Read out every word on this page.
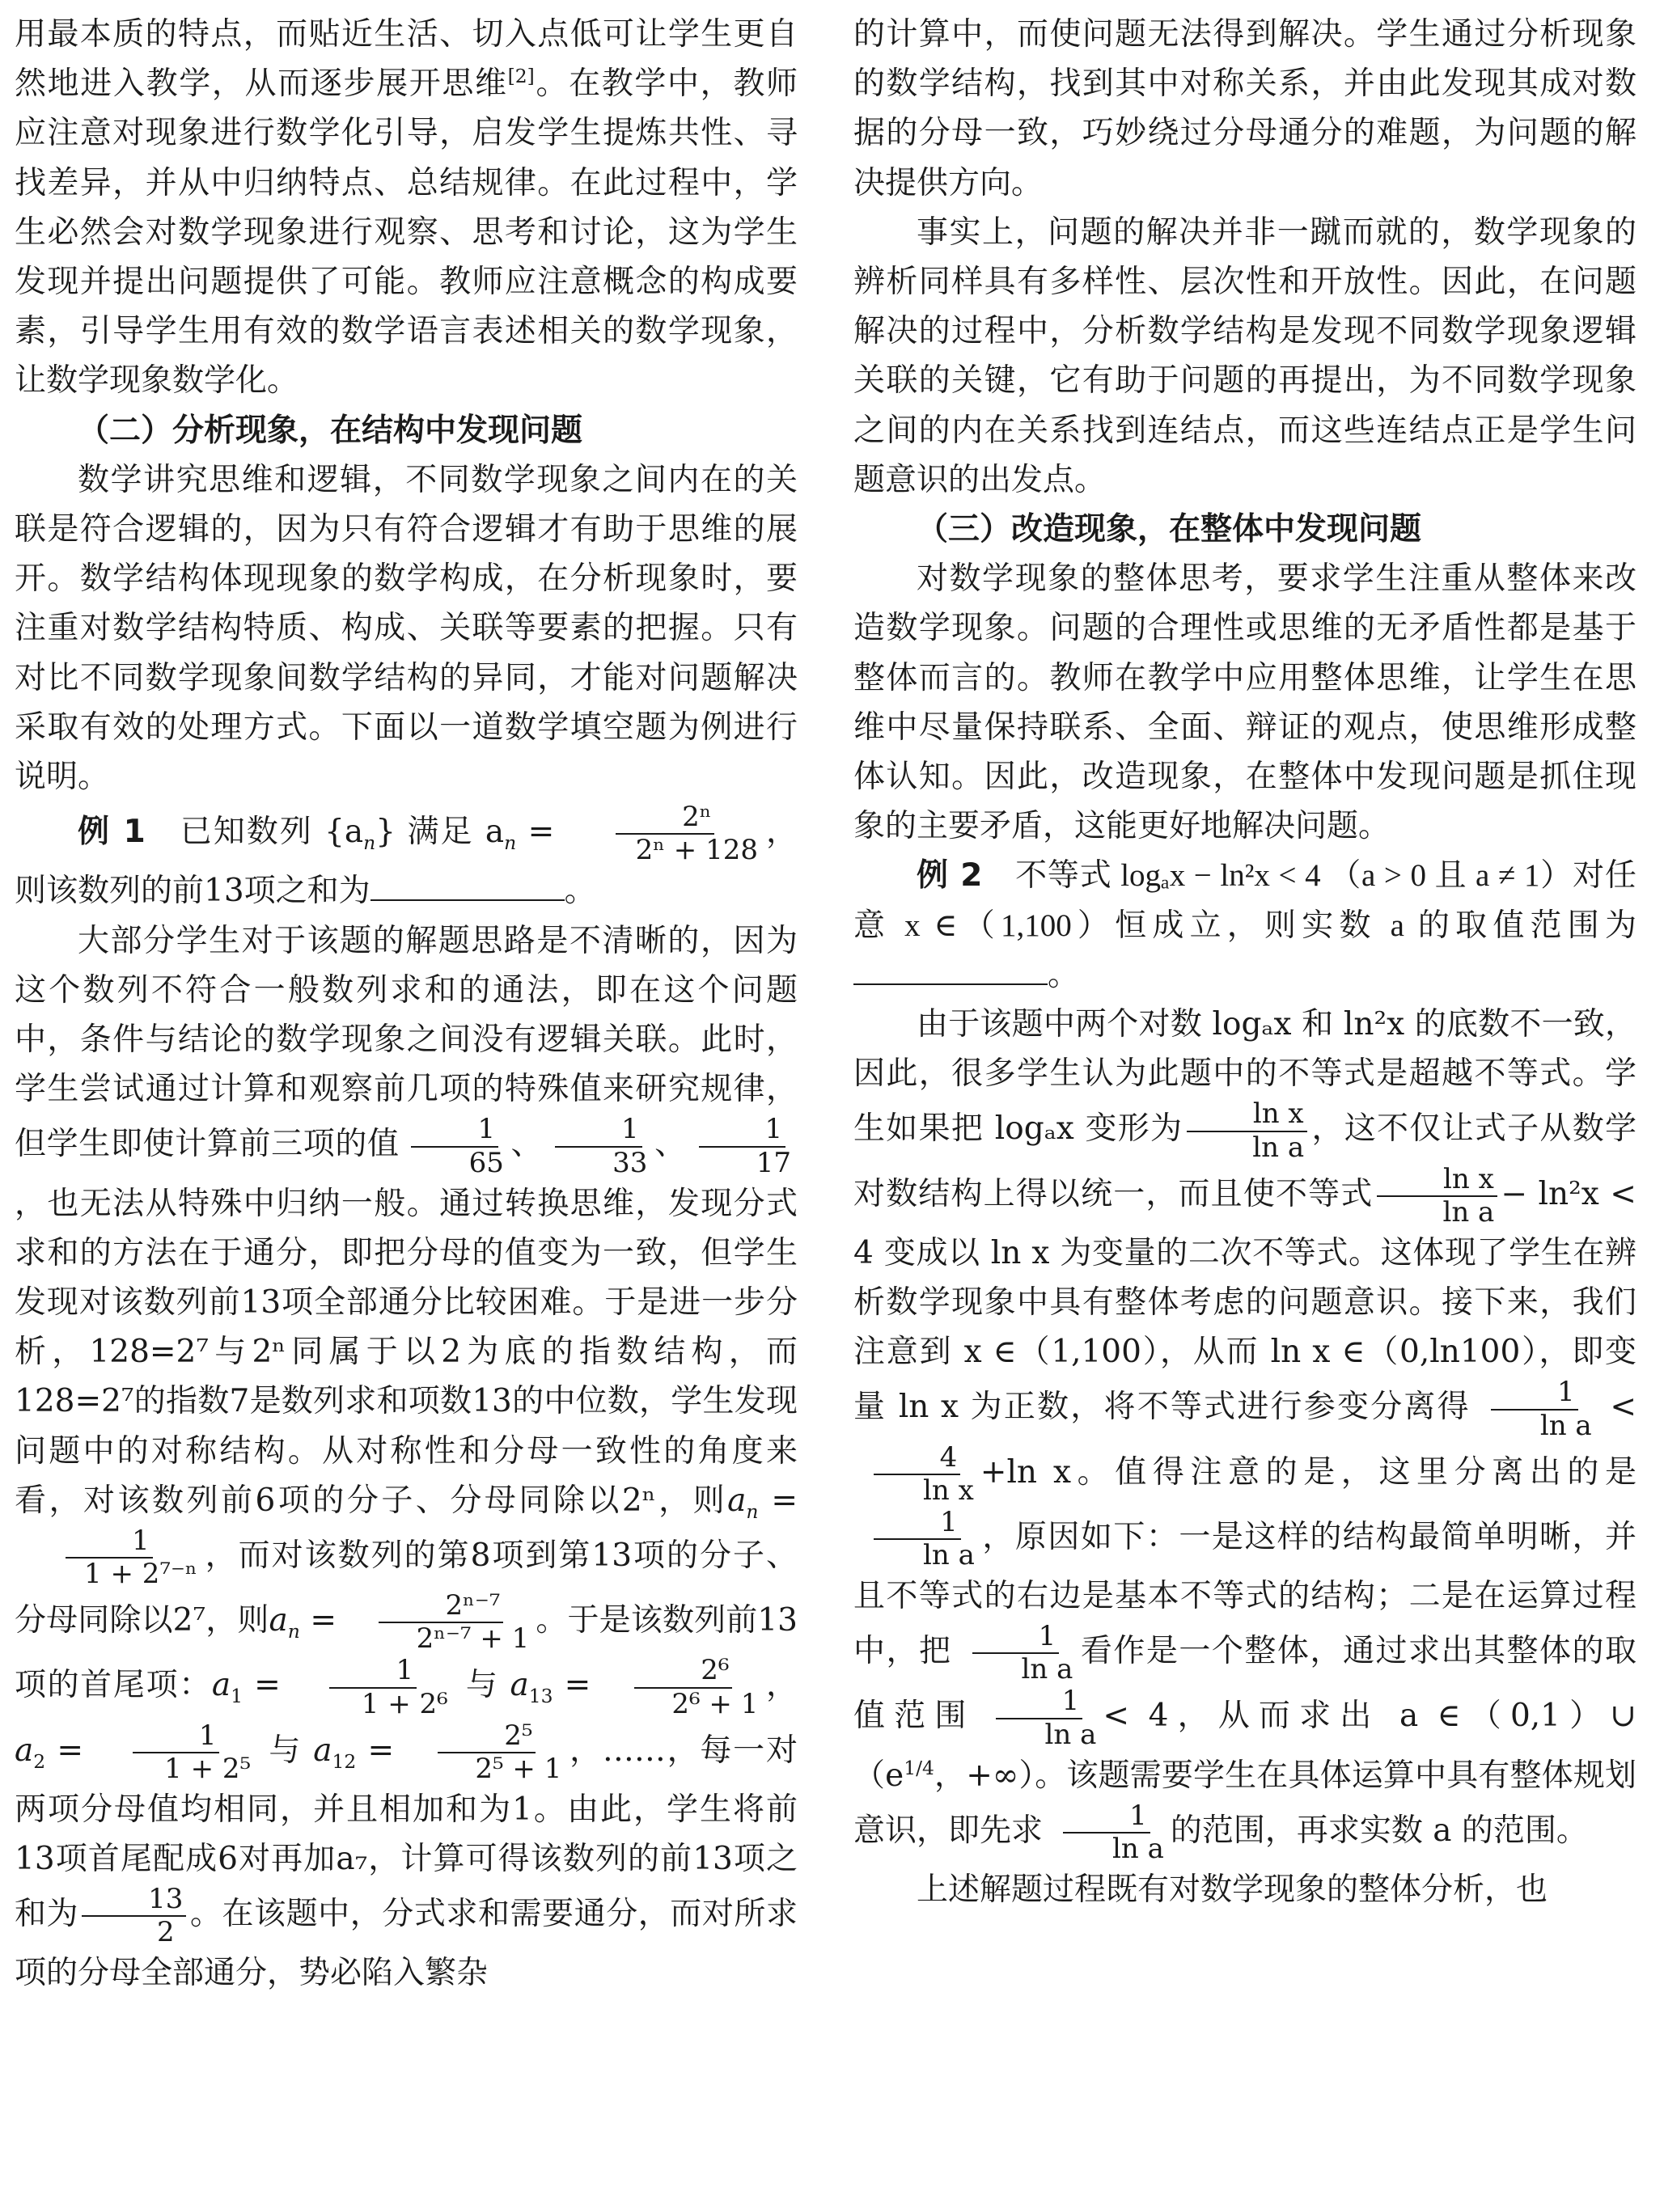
用最本质的特点，而贴近生活、切入点低可让学生更自然地进入教学，从而逐步展开思维[2]。在教学中，教师应注意对现象进行数学化引导，启发学生提炼共性、寻找差异，并从中归纳特点、总结规律。在此过程中，学生必然会对数学现象进行观察、思考和讨论，这为学生发现并提出问题提供了可能。教师应注意概念的构成要素，引导学生用有效的数学语言表述相关的数学现象，让数学现象数学化。

（二）分析现象，在结构中发现问题

数学讲究思维和逻辑，不同数学现象之间内在的关联是符合逻辑的，因为只有符合逻辑才有助于思维的展开。数学结构体现现象的数学构成，在分析现象时，要注重对数学结构特质、构成、关联等要素的把握。只有对比不同数学现象间数学结构的异同，才能对问题解决采取有效的处理方式。下面以一道数学填空题为例进行说明。

例 1　 已知数列 $\{a_n\}$ 满足 $a_n = \frac{\text{2ⁿ}}{\text{2ⁿ + 128}}$ ，则该数列的前13项之和为	。

大部分学生对于该题的解题思路是不清晰的，因为这个数列不符合一般数列求和的通法，即在这个问题中，条件与结论的数学现象之间没有逻辑关联。此时，学生尝试通过计算和观察前几项的特殊值来研究规律，但学生即使计算前三项的值 $\frac{1}{65}$ 、 $\frac{1}{33}$ 、 $\frac{1}{17}$
，也无法从特殊中归纳一般。通过转换思维，发现分式求和的方法在于通分，即把分母的值变为一致，但学生发现对该数列前13项全部通分比较困难。于是进一步分析，128=2⁷与2ⁿ同属于以2为底的指数结构，而128=2⁷的指数7是数列求和项数13的中位数，学生发现问题中的对称结构。从对称性和分母一致性的角度来看，对该数列前6项的分子、分母同除以2ⁿ，则$a_n$ =
$\frac{1}{\text{1 + 2⁷⁻ⁿ}}$ ，而对该数列的第8项到第13项的分子、分母同除以2⁷，则$a_n = \frac{\text{2ⁿ⁻⁷}}{\text{2ⁿ⁻⁷ + 1}}$ 。于是该数列前13项的首尾项：$a_1 = \frac{1}{\text{1 + 2⁶}}$ 与 $a_{13} = \frac{\text{2⁶}}{\text{2⁶ + 1}}$ ，$a_2 = \frac{1}{\text{1 + 2⁵}}$ 与 $a_{12} = \frac{\text{2⁵}}{\text{2⁵ + 1}}$ ，……，每一对两项分母值均相同，并且相加和为1。由此，学生将前13项首尾配成6对再加a₇，计算可得该数列的前13项之和为 $\frac{13}{2}$ 。在该题中，分式求和需要通分，而对所求项的分母全部通分，势必陷入繁杂

的计算中，而使问题无法得到解决。学生通过分析现象的数学结构，找到其中对称关系，并由此发现其成对数据的分母一致，巧妙绕过分母通分的难题，为问题的解决提供方向。

事实上，问题的解决并非一蹴而就的，数学现象的辨析同样具有多样性、层次性和开放性。因此，在问题解决的过程中，分析数学结构是发现不同数学现象逻辑关联的关键，它有助于问题的再提出，为不同数学现象之间的内在关系找到连结点，而这些连结点正是学生问题意识的出发点。

（三）改造现象，在整体中发现问题

对数学现象的整体思考，要求学生注重从整体来改造数学现象。问题的合理性或思维的无矛盾性都是基于整体而言的。教师在教学中应用整体思维，让学生在思维中尽量保持联系、全面、辩证的观点，使思维形成整体认知。因此，改造现象，在整体中发现问题是抓住现象的主要矛盾，这能更好地解决问题。

例 2　 不等式 logₐx − ln²x < 4 （a > 0 且 a ≠ 1）对任意 x ∈（1,100）恒成立，则实数 a 的取值范围为。

由于该题中两个对数 logₐx 和 ln²x 的底数不一致，因此，很多学生认为此题中的不等式是超越不等式。学生如果把 logₐx 变形为 $\frac{\text{ln x}}{\text{ln a}}$ ，这不仅让式子从数学对数结构上得以统一，而且使不等式 $\frac{\text{ln x}}{\text{ln a}} - \ln^2x < 4$ 变成以 ln x 为变量的二次不等式。这体现了学生在辨析数学现象中具有整体考虑的问题意识。接下来，我们注意到 x ∈（1,100），从而 ln x ∈（0,ln100），即变量 ln x 为正数，将不等式进行参变分离得 $\frac{1}{\text{ln a}}$ <
$\frac{4}{\text{ln x}} +\ln$ x。值得注意的是，这里分离出的是
$\frac{1}{\text{ln a}}$ ，原因如下：一是这样的结构最简单明晰，并且不等式的右边是基本不等式的结构；二是在运算过程中，把 $\frac{1}{\text{ln a}}$ 看作是一个整体，通过求出其整体的取值范围 $\frac{1}{\text{ln a}} < 4$，从而求出 a $\in(0,1)\cup(e^{1/4}$，+∞）。该题需要学生在具体运算中具有整体规划意识，即先求 $\frac{1}{\text{ln a}}$ 的范围，再求实数 a 的范围。

上述解题过程既有对数学现象的整体分析，也
